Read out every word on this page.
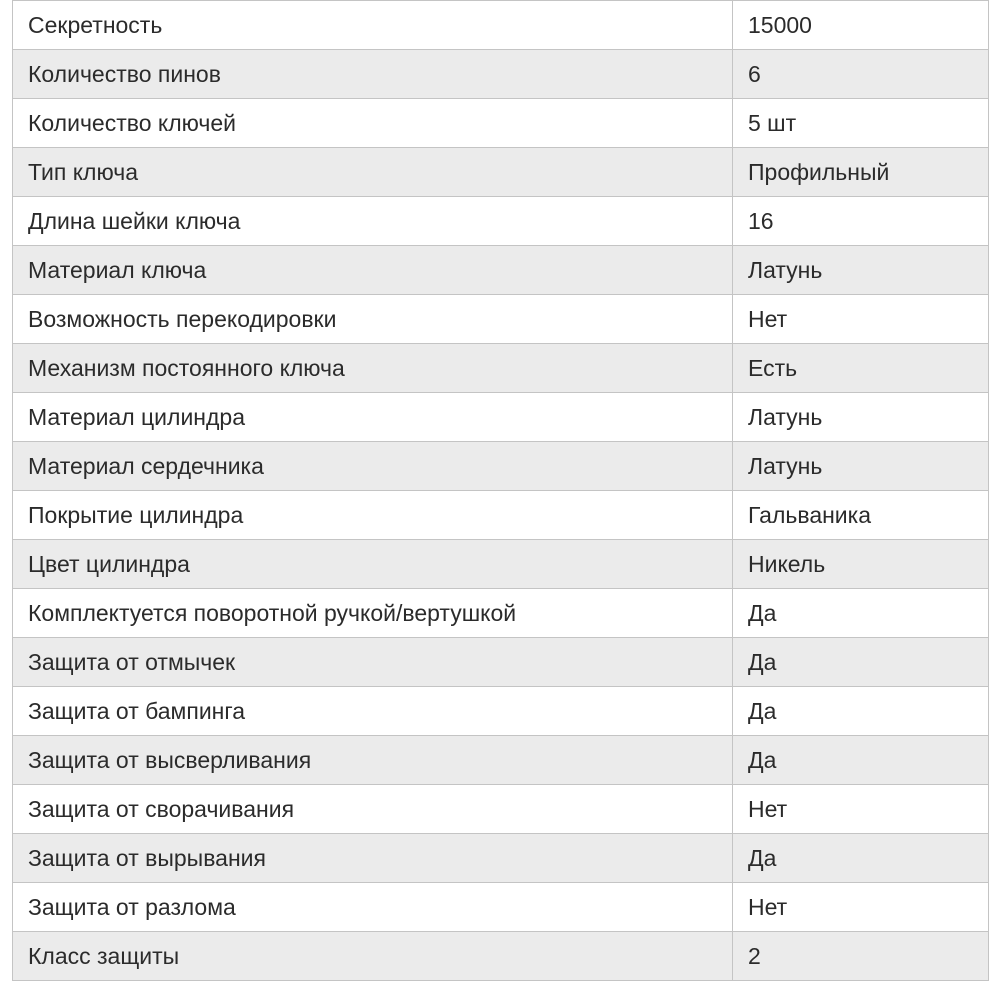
Секретность	15000
Количество пинов	6
Количество ключей	5 шт
Тип ключа	Профильный
Длина шейки ключа	16
Материал ключа	Латунь
Возможность перекодировки	Нет
Механизм постоянного ключа	Есть
Материал цилиндра	Латунь
Материал сердечника	Латунь
Покрытие цилиндра	Гальваника
Цвет цилиндра	Никель
Комплектуется поворотной ручкой/вертушкой	Да
Защита от отмычек	Да
Защита от бампинга	Да
Защита от высверливания	Да
Защита от сворачивания	Нет
Защита от вырывания	Да
Защита от разлома	Нет
Класс защиты	2
